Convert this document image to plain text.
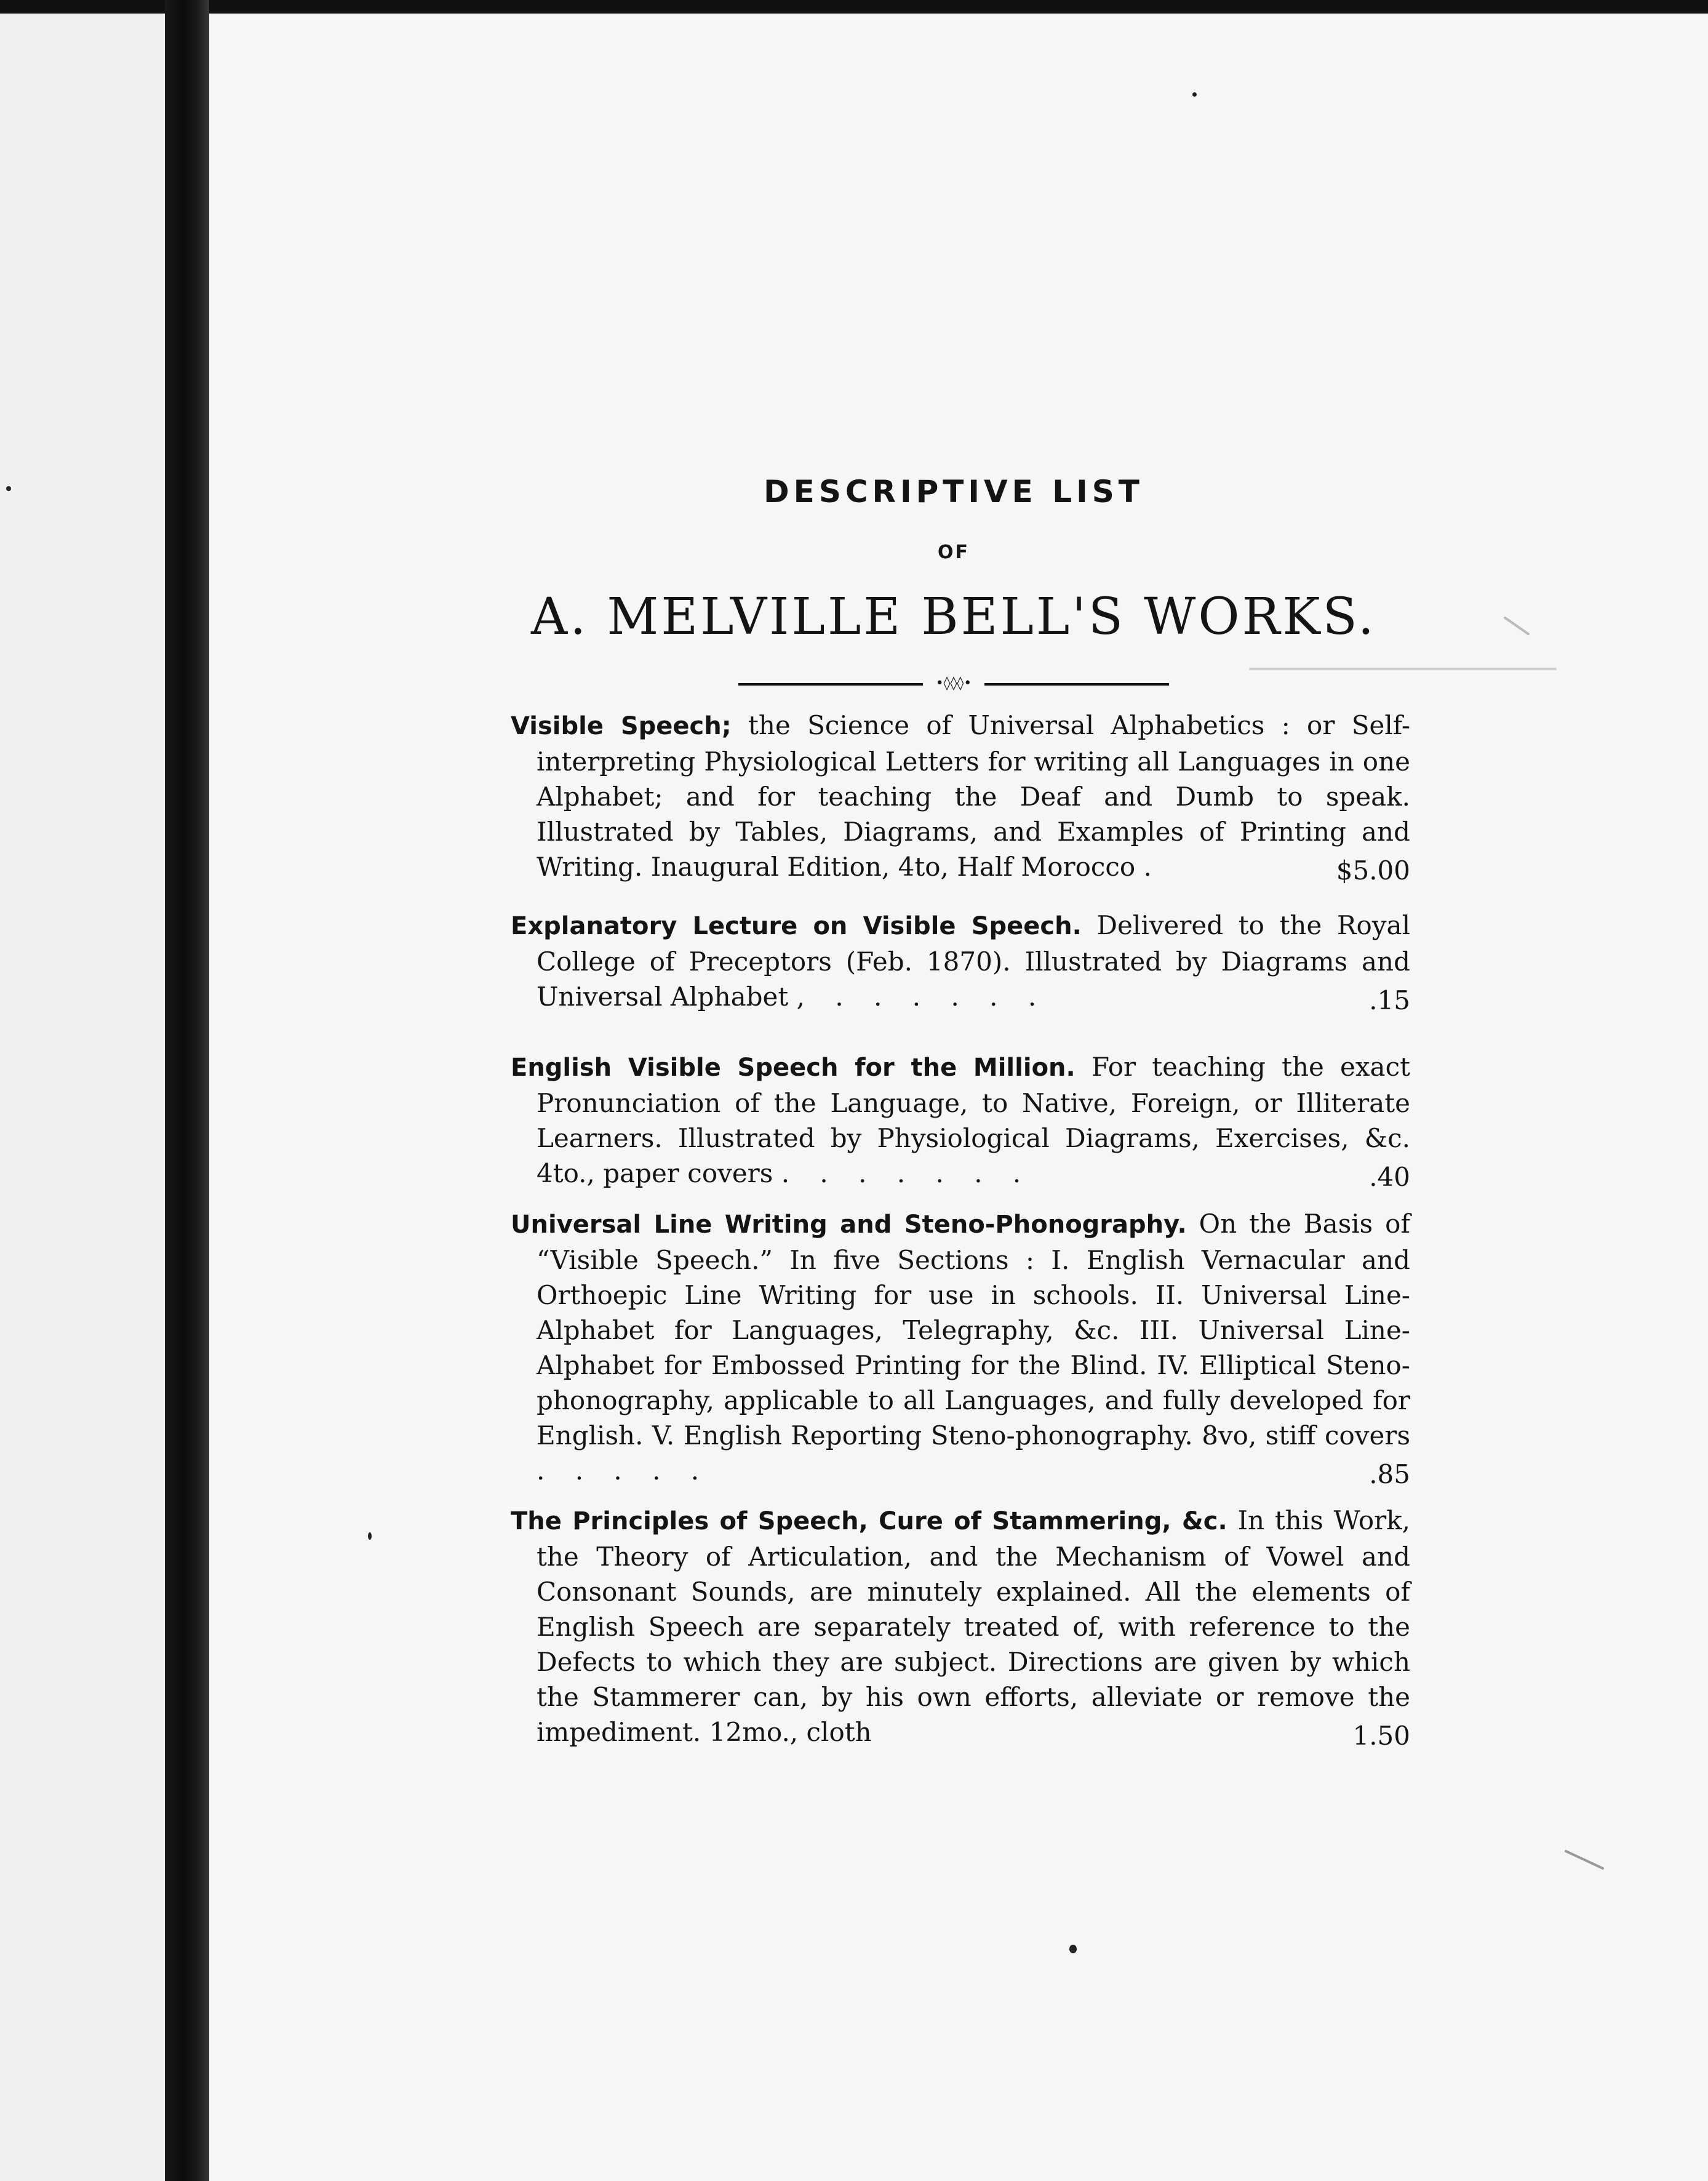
DESCRIPTIVE LIST
OF
A. MELVILLE BELL'S WORKS.
•◊◊◊•
Visible Speech; the Science of Universal Alphabetics : or Self-interpreting Physiological Letters for writing all Languages in one Alphabet; and for teaching the Deaf and Dumb to speak. Illustrated by Tables, Diagrams, and Examples of Printing and Writing. Inaugural Edition, 4to, Half Morocco .	$5.00
Explanatory Lecture on Visible Speech. Delivered to the Royal College of Preceptors (Feb. 1870). Illustrated by Diagrams and Universal Alphabet , . . . . . .	.15
English Visible Speech for the Million. For teaching the exact Pronunciation of the Language, to Native, Foreign, or Illiterate Learners. Illustrated by Physiological Diagrams, Exercises, &c. 4to., paper covers . . . . . . .	.40
Universal Line Writing and Steno-Phonography. On the Basis of “Visible Speech.” In five Sections : I. English Vernacular and Orthoepic Line Writing for use in schools. II. Universal Line-Alphabet for Languages, Telegraphy, &c. III. Universal Line-Alphabet for Embossed Printing for the Blind. IV. Elliptical Steno-phonography, applicable to all Languages, and fully developed for English. V. English Reporting Steno-phonography. 8vo, stiff covers . . . . .	.85
The Principles of Speech, Cure of Stammering, &c. In this Work, the Theory of Articulation, and the Mechanism of Vowel and Consonant Sounds, are minutely explained. All the elements of English Speech are separately treated of, with reference to the Defects to which they are subject. Directions are given by which the Stammerer can, by his own efforts, alleviate or remove the impediment. 12mo., cloth	1.50
